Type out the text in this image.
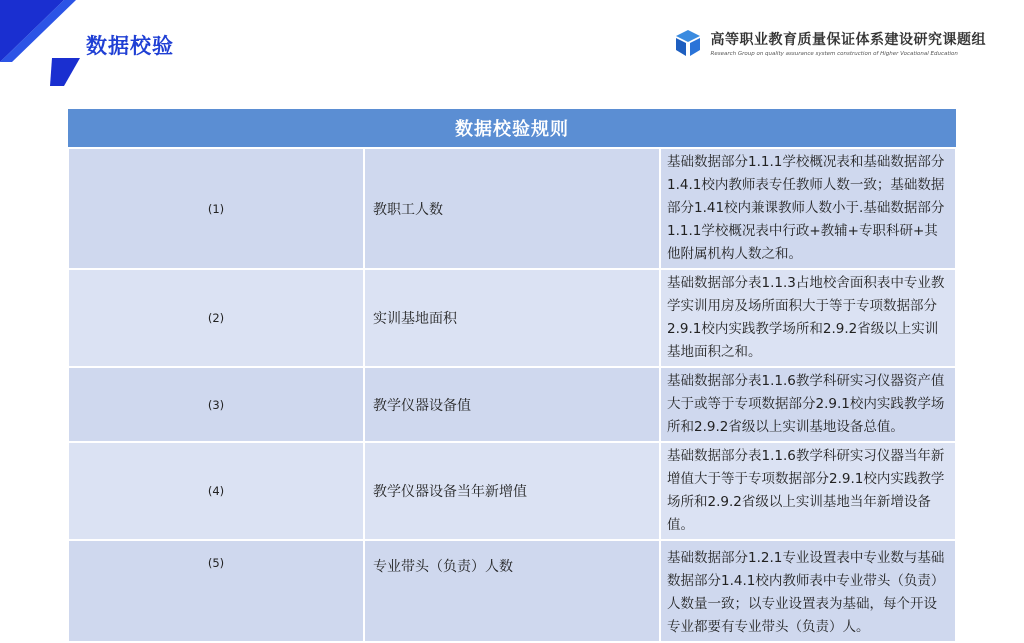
数据校验	高等职业教育质量保证体系建设研究课题组
Research Group on quality assurance system construction of Higher Vocational Education
数据校验规则		
(1)	教职工人数	基础数据部分1.1.1学校概况表和基础数据部分1.4.1校内教师表专任教师人数一致；基础数据部分1.41校内兼课教师人数小于.基础数据部分1.1.1学校概况表中行政+教辅+专职科研+其他附属机构人数之和。
(2)	实训基地面积	基础数据部分表1.1.3占地校舍面积表中专业教学实训用房及场所面积大于等于专项数据部分2.9.1校内实践教学场所和2.9.2省级以上实训基地面积之和。
(3)	教学仪器设备值	基础数据部分表1.1.6教学科研实习仪器资产值大于或等于专项数据部分2.9.1校内实践教学场所和2.9.2省级以上实训基地设备总值。
(4)	教学仪器设备当年新增值	基础数据部分表1.1.6教学科研实习仪器当年新增值大于等于专项数据部分2.9.1校内实践教学场所和2.9.2省级以上实训基地当年新增设备值。
(5)	专业带头（负责）人数	基础数据部分1.2.1专业设置表中专业数与基础数据部分1.4.1校内教师表中专业带头（负责）人数量一致；以专业设置表为基础，每个开设专业都要有专业带头（负责）人。
